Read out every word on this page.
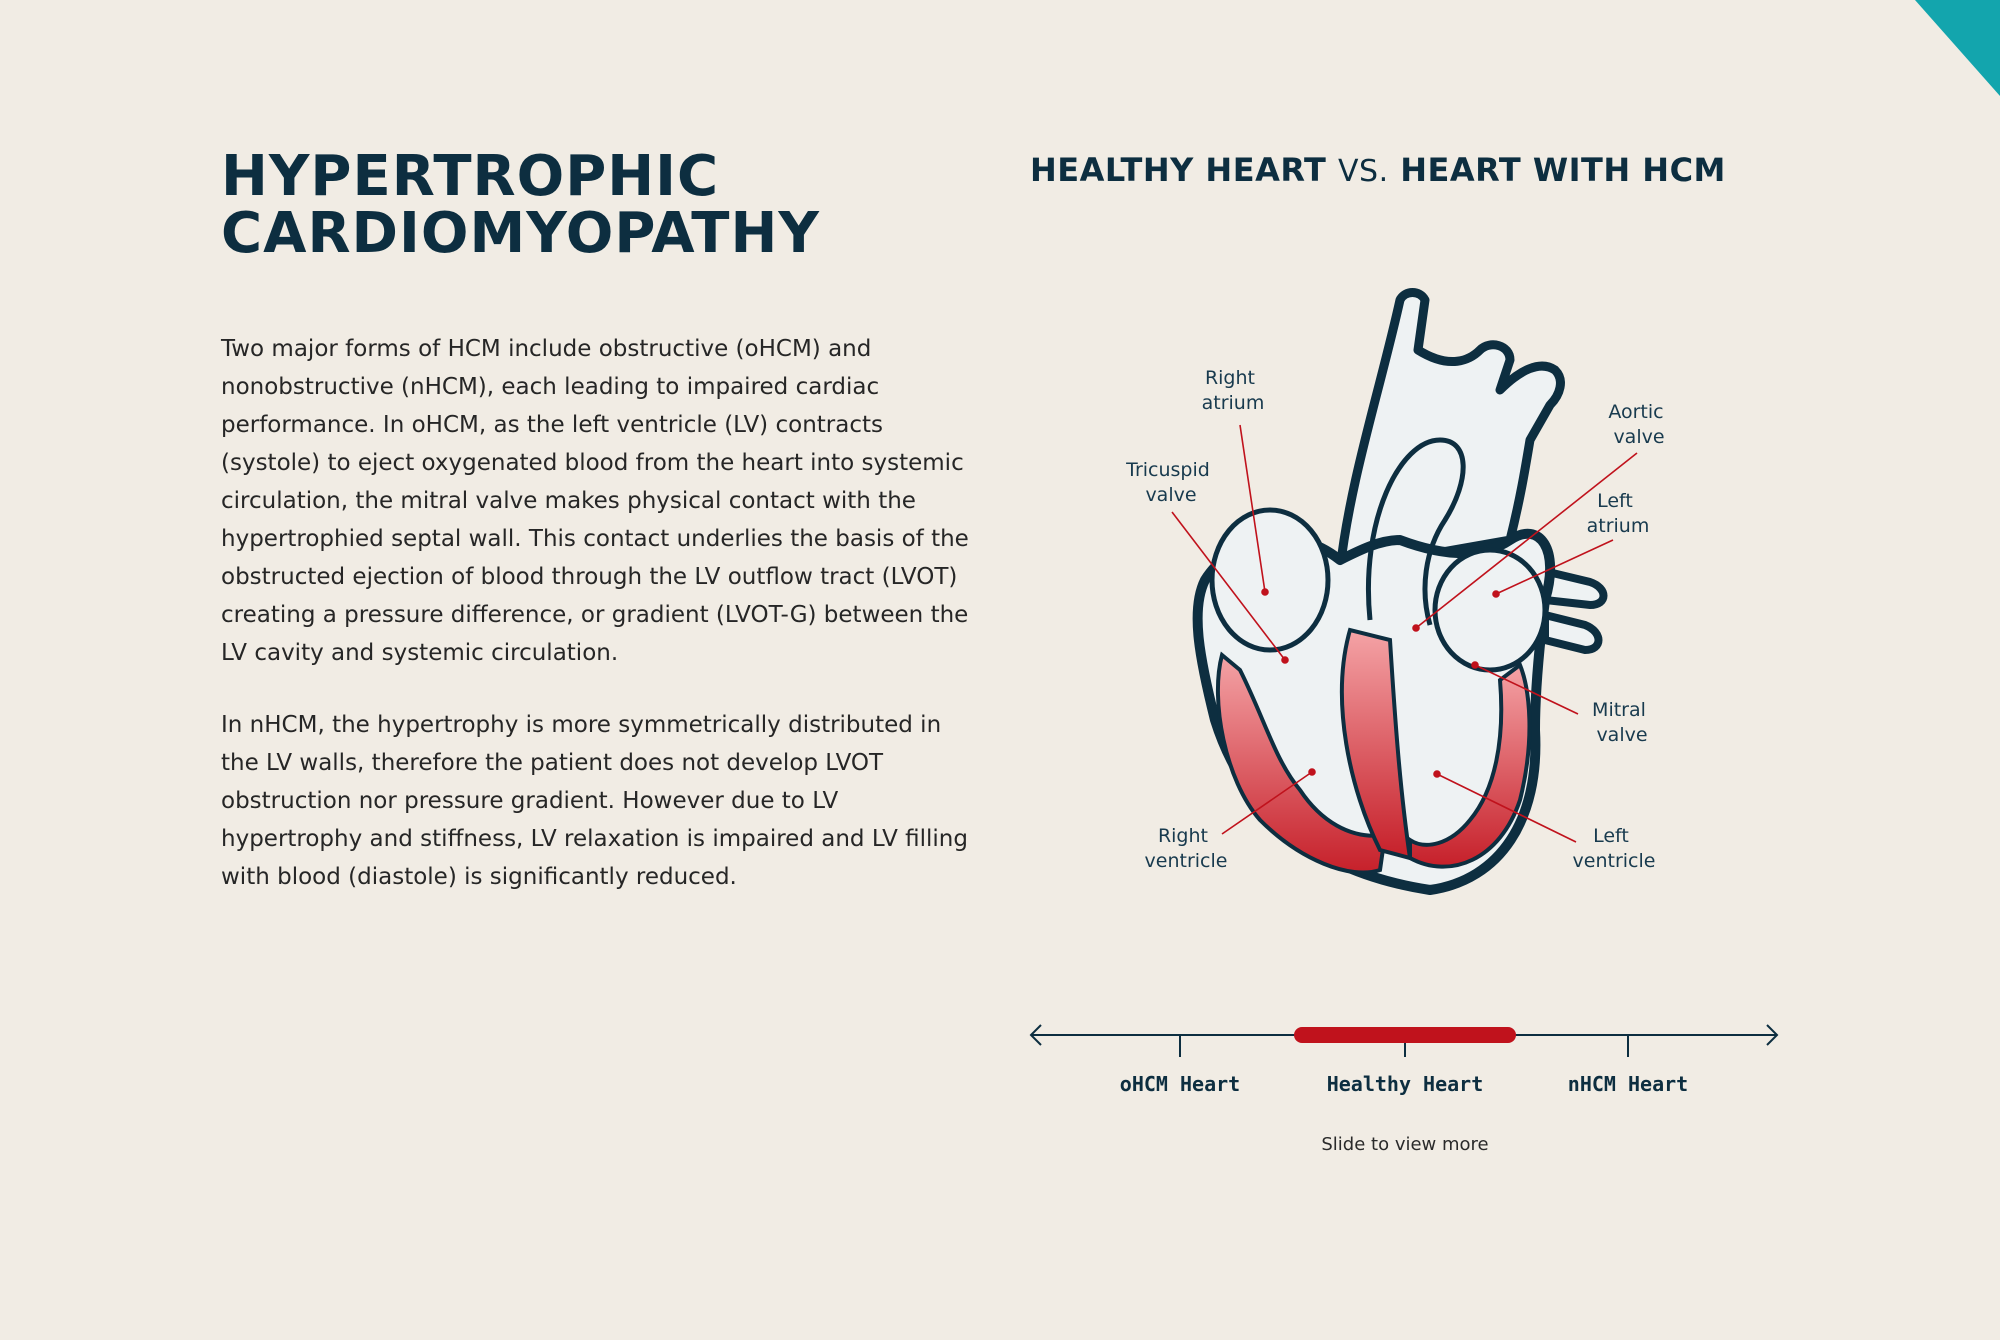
HYPERTROPHIC
CARDIOMYOPATHY

Two major forms of HCM include obstructive (oHCM) and nonobstructive (nHCM), each leading to impaired cardiac performance. In oHCM, as the left ventricle (LV) contracts (systole) to eject oxygenated blood from the heart into systemic circulation, the mitral valve makes physical contact with the hypertrophied septal wall. This contact underlies the basis of the obstructed ejection of blood through the LV outflow tract (LVOT) creating a pressure difference, or gradient (LVOT-G) between the LV cavity and systemic circulation.

In nHCM, the hypertrophy is more symmetrically distributed in the LV walls, therefore the patient does not develop LVOT obstruction nor pressure gradient. However due to LV hypertrophy and stiffness, LV relaxation is impaired and LV filling with blood (diastole) is significantly reduced.

HEALTHY HEART VS. HEART WITH HCM
Right atrium
Tricuspid valve
Aortic valve
Left atrium
Mitral valve
Right ventricle
Left ventricle
oHCM Heart	Healthy Heart	nHCM Heart
Slide to view more
